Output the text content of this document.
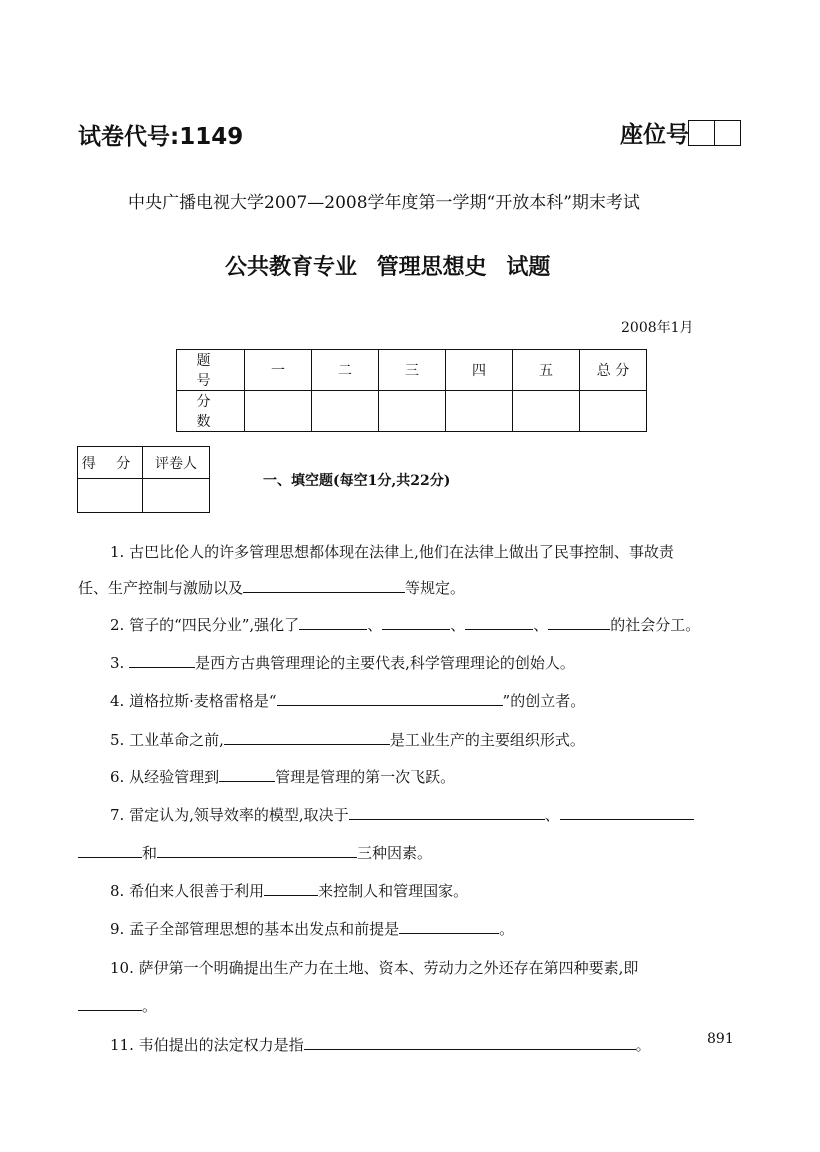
试卷代号:1149	座位号
中央广播电视大学2007—2008学年度第一学期“开放本科”期末考试
公共教育专业 管理思想史 试题
2008年1月
题 号	一	二	三	四	五	总 分
分 数						
得 分	评卷人

一、填空题(每空1分,共22分)
1. 古巴比伦人的许多管理思想都体现在法律上,他们在法律上做出了民事控制、事故责
任、生产控制与激励以及	等规定。
2. 管子的“四民分业”,强化了	、	、	、	的社会分工。
3.	是西方古典管理理论的主要代表,科学管理理论的创始人。
4. 道格拉斯·麦格雷格是“	”的创立者。
5. 工业革命之前,	是工业生产的主要组织形式。
6. 从经验管理到	管理是管理的第一次飞跃。
7. 雷定认为,领导效率的模型,取决于	、
和	三种因素。
8. 希伯来人很善于利用	来控制人和管理国家。
9. 孟子全部管理思想的基本出发点和前提是	。
10. 萨伊第一个明确提出生产力在土地、资本、劳动力之外还存在第四种要素,即
。
11. 韦伯提出的法定权力是指	。	891
